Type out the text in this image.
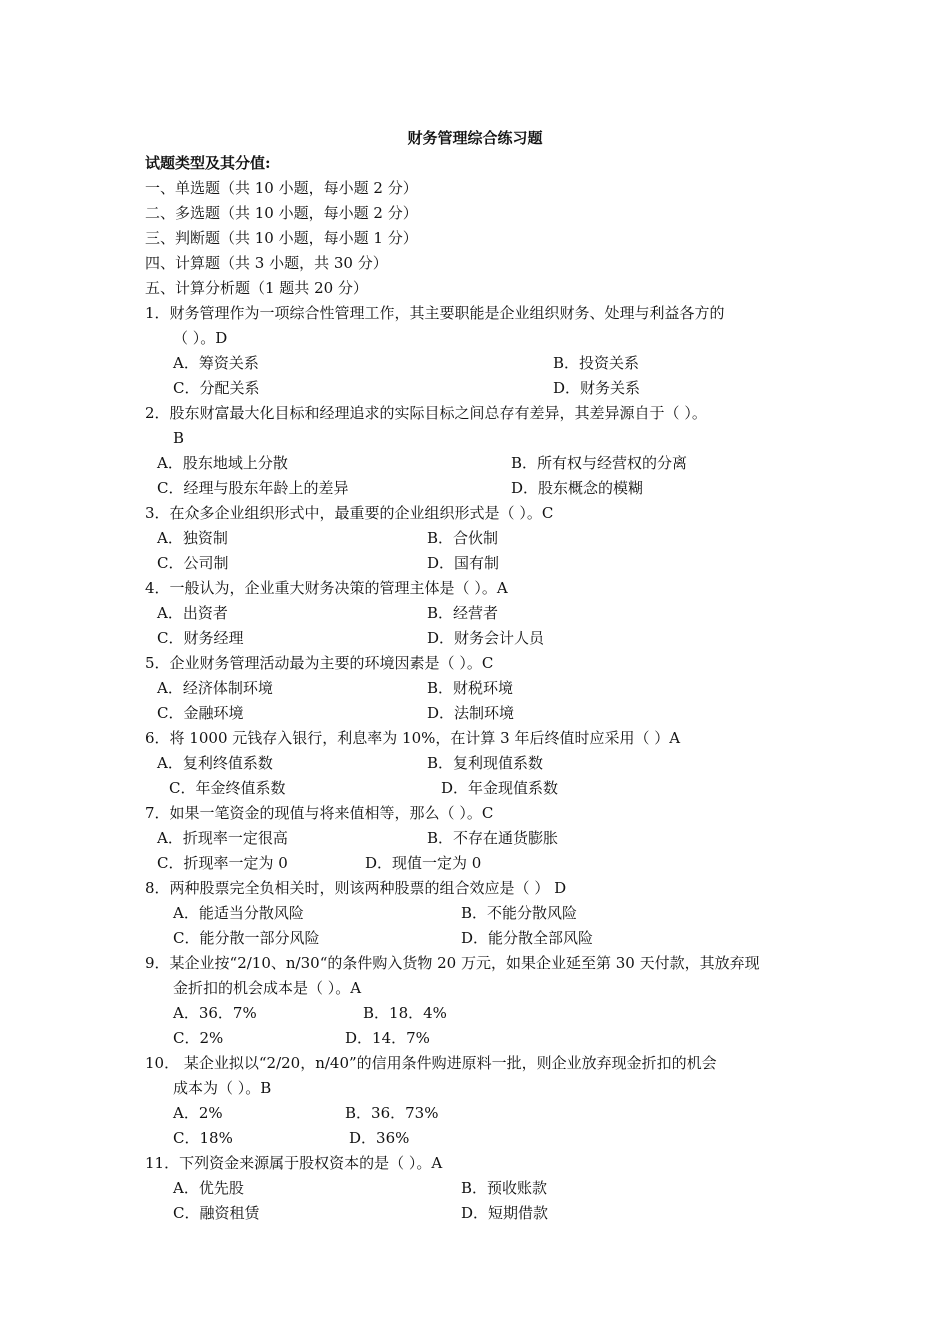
财务管理综合练习题
试题类型及其分值:
一、单选题（共 10 小题，每小题 2 分）
二、多选题（共 10 小题，每小题 2 分）
三、判断题（共 10 小题，每小题 1 分）
四、计算题（共 3 小题，共 30 分）
五、计算分析题（1 题共 20 分）
1．财务管理作为一项综合性管理工作，其主要职能是企业组织财务、处理与利益各方的
（ ）。D
A．筹资关系	B．投资关系
C．分配关系	D．财务关系
2．股东财富最大化目标和经理追求的实际目标之间总存有差异，其差异源自于（ ）。
B
A．股东地域上分散	B．所有权与经营权的分离
C．经理与股东年龄上的差异	D．股东概念的模糊
3．在众多企业组织形式中，最重要的企业组织形式是（ ）。C
A．独资制	B．合伙制
C．公司制	D．国有制
4．一般认为，企业重大财务决策的管理主体是（ ）。A
A．出资者	B．经营者
C．财务经理	D．财务会计人员
5．企业财务管理活动最为主要的环境因素是（ ）。C
A．经济体制环境	B．财税环境
C．金融环境	D．法制环境
6．将 1000 元钱存入银行，利息率为 10%，在计算 3 年后终值时应采用（ ）A
A．复利终值系数	B．复利现值系数
C．年金终值系数	D．年金现值系数
7．如果一笔资金的现值与将来值相等，那么（ ）。C
A．折现率一定很高	B．不存在通货膨胀
C．折现率一定为 0	D．现值一定为 0
8．两种股票完全负相关时，则该两种股票的组合效应是（ ） D
A．能适当分散风险	B．不能分散风险
C．能分散一部分风险	D．能分散全部风险
9．某企业按“2/10、n/30“的条件购入货物 20 万元，如果企业延至第 30 天付款，其放弃现
金折扣的机会成本是（ ）。A
A．36．7%	B．18．4%
C．2%	D．14．7%
10． 某企业拟以“2/20，n/40”的信用条件购进原料一批，则企业放弃现金折扣的机会
成本为（ ）。B
A．2%	B．36．73%
C．18%	D．36%
11．下列资金来源属于股权资本的是（ ）。A
A．优先股	B．预收账款
C．融资租赁	D．短期借款
